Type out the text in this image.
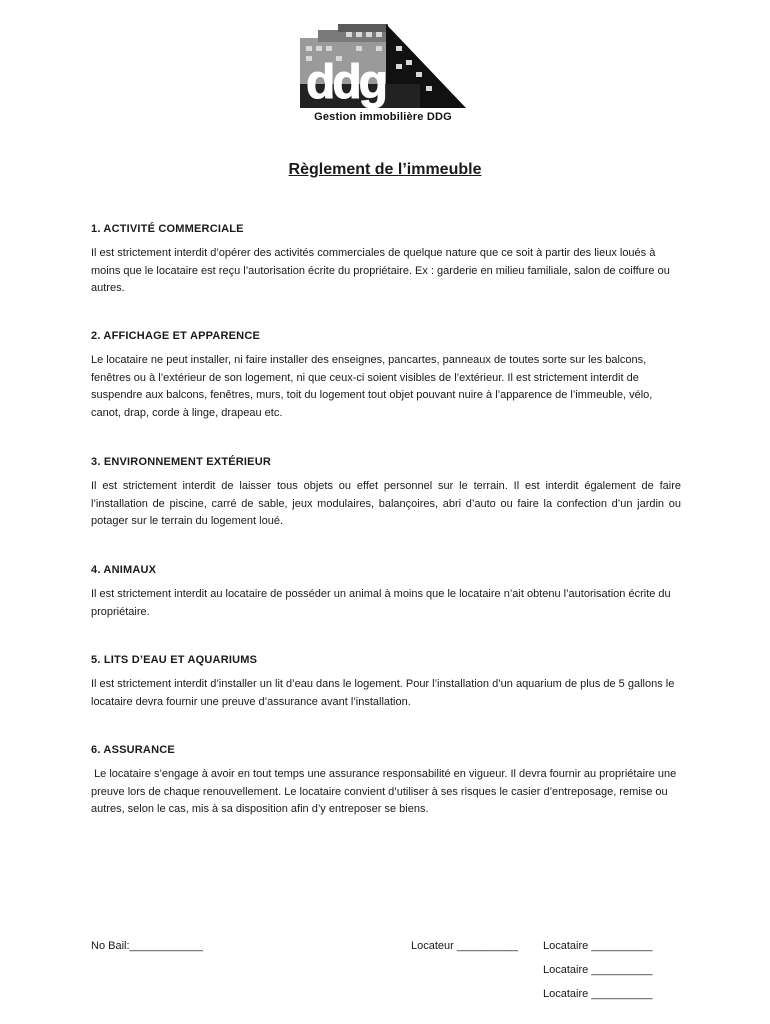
ddg
Gestion immobilière DDG
Règlement de l’immeuble

1. ACTIVITÉ COMMERCIALE

Il est strictement interdit d’opérer des activités commerciales de quelque nature que ce soit à partir des lieux loués à moins que le locataire est reçu l’autorisation écrite du propriétaire. Ex : garderie en milieu familiale, salon de coiffure ou autres.

2. AFFICHAGE ET APPARENCE

Le locataire ne peut installer, ni faire installer des enseignes, pancartes, panneaux de toutes sorte sur les balcons, fenêtres ou à l’extérieur de son logement, ni que ceux-ci soient visibles de l’extérieur. Il est strictement interdit de suspendre aux balcons, fenêtres, murs, toit du logement tout objet pouvant nuire à l’apparence de l’immeuble, vélo, canot, drap, corde à linge, drapeau etc.

3. ENVIRONNEMENT EXTÉRIEUR

Il est strictement interdit de laisser tous objets ou effet personnel sur le terrain. Il est interdit également de faire l’installation de piscine, carré de sable, jeux modulaires, balançoires, abri d’auto ou faire la confection d’un jardin ou potager sur le terrain du logement loué.

4. ANIMAUX

Il est strictement interdit au locataire de posséder un animal à moins que le locataire n’ait obtenu l’autorisation écrite du propriétaire.

5. LITS D’EAU ET AQUARIUMS

Il est strictement interdit d’installer un lit d’eau dans le logement. Pour l’installation d’un aquarium de plus de 5 gallons le locataire devra fournir une preuve d’assurance avant l’installation.

6. ASSURANCE

Le locataire s’engage à avoir en tout temps une assurance responsabilité en vigueur. Il devra fournir au propriétaire une preuve lors de chaque renouvellement. Le locataire convient d’utiliser à ses risques le casier d’entreposage, remise ou autres, selon le cas, mis à sa disposition afin d’y entreposer se biens.

No Bail:____________	Locateur __________ Locataire __________
Locataire __________
Locataire __________
